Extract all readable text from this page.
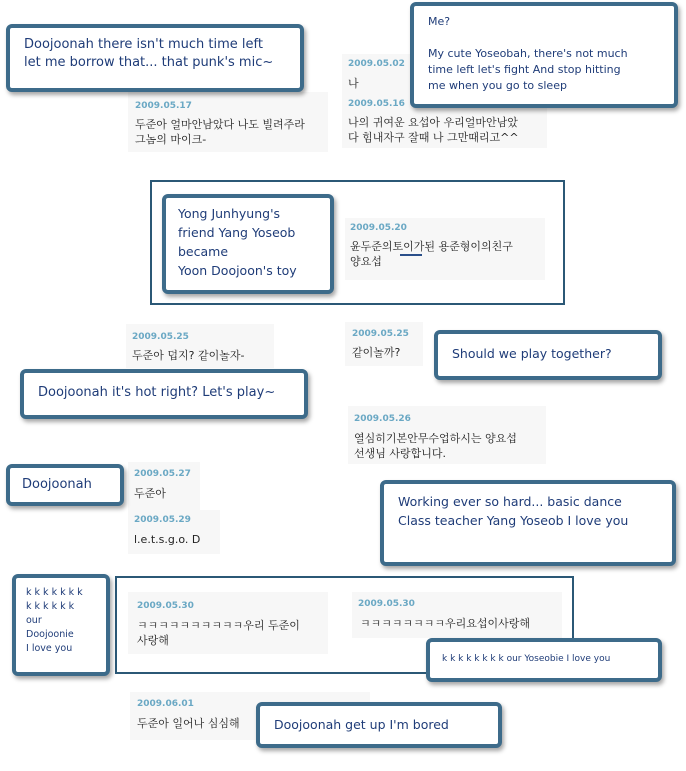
2009.05.17
두준아 얼마안남았다 나도 빌려주라
그놈의 마이크-
2009.05.02
나
2009.05.16
나의 귀여운 요섭아 우리얼마안남았
다 힘내자구 잘때 나 그만때리고^^
2009.05.20
윤두준의토이가된 용준형이의친구
양요섭
2009.05.25
두준아 덥지? 같이놀자-
2009.05.25
같이놀까?
2009.05.26
열심히기본안무수업하시는 양요섭
선생님 사랑합니다.
2009.05.27
두준아
2009.05.29
l.e.t.s.g.o. D
2009.05.30
ㅋㅋㅋㅋㅋㅋㅋㅋㅋㅋ우리 두준이
사랑해
2009.05.30
ㅋㅋㅋㅋㅋㅋㅋㅋ우리요섭이사랑해
2009.06.01
두준아 일어나 심심해
Doojoonah there isn't much time left
let me borrow that... that punk's mic~
Me?

My cute Yoseobah, there's not much
time left let's fight And stop hitting
me when you go to sleep
Yong Junhyung's
friend Yang Yoseob
became
Yoon Doojoon's toy
Should we play together?
Doojoonah it's hot right? Let's play~
Doojoonah
Working ever so hard... basic dance
Class teacher Yang Yoseob I love you
k k k k k k k
k k k k k k
our
Doojoonie
I love you
k k k k k k k k our Yoseobie I love you
Doojoonah get up I'm bored
